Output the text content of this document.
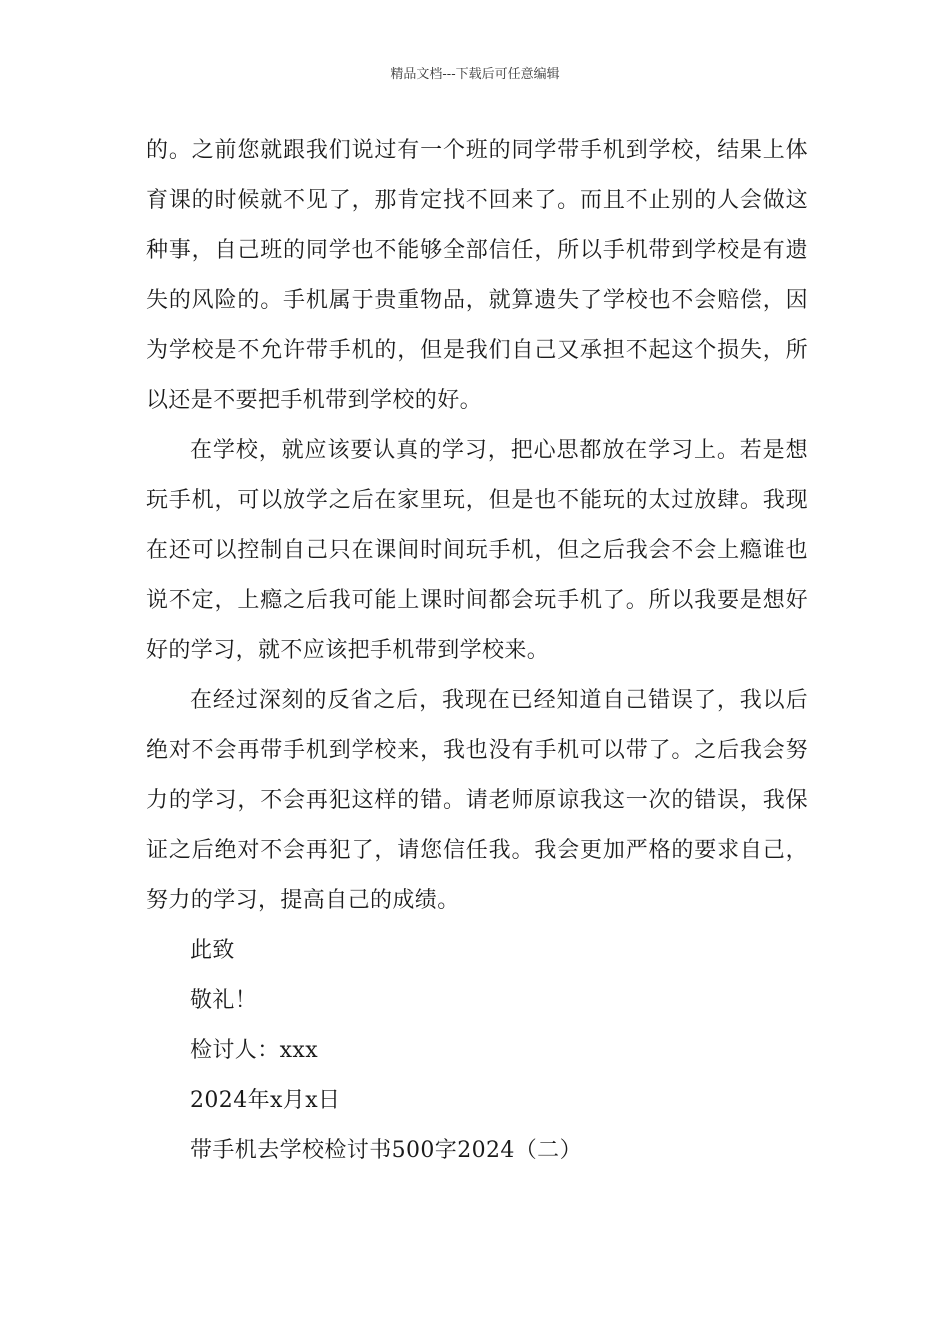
精品文档---下载后可任意编辑

的。之前您就跟我们说过有一个班的同学带手机到学校，结果上体育课的时候就不见了，那肯定找不回来了。而且不止别的人会做这种事，自己班的同学也不能够全部信任，所以手机带到学校是有遗失的风险的。手机属于贵重物品，就算遗失了学校也不会赔偿，因为学校是不允许带手机的，但是我们自己又承担不起这个损失，所以还是不要把手机带到学校的好。

在学校，就应该要认真的学习，把心思都放在学习上。若是想玩手机，可以放学之后在家里玩，但是也不能玩的太过放肆。我现在还可以控制自己只在课间时间玩手机，但之后我会不会上瘾谁也说不定，上瘾之后我可能上课时间都会玩手机了。所以我要是想好好的学习，就不应该把手机带到学校来。

在经过深刻的反省之后，我现在已经知道自己错误了，我以后绝对不会再带手机到学校来，我也没有手机可以带了。之后我会努力的学习，不会再犯这样的错。请老师原谅我这一次的错误，我保证之后绝对不会再犯了，请您信任我。我会更加严格的要求自己，努力的学习，提高自己的成绩。

此致

敬礼！

检讨人：xxx

2024年x月x日

带手机去学校检讨书500字2024（二）
